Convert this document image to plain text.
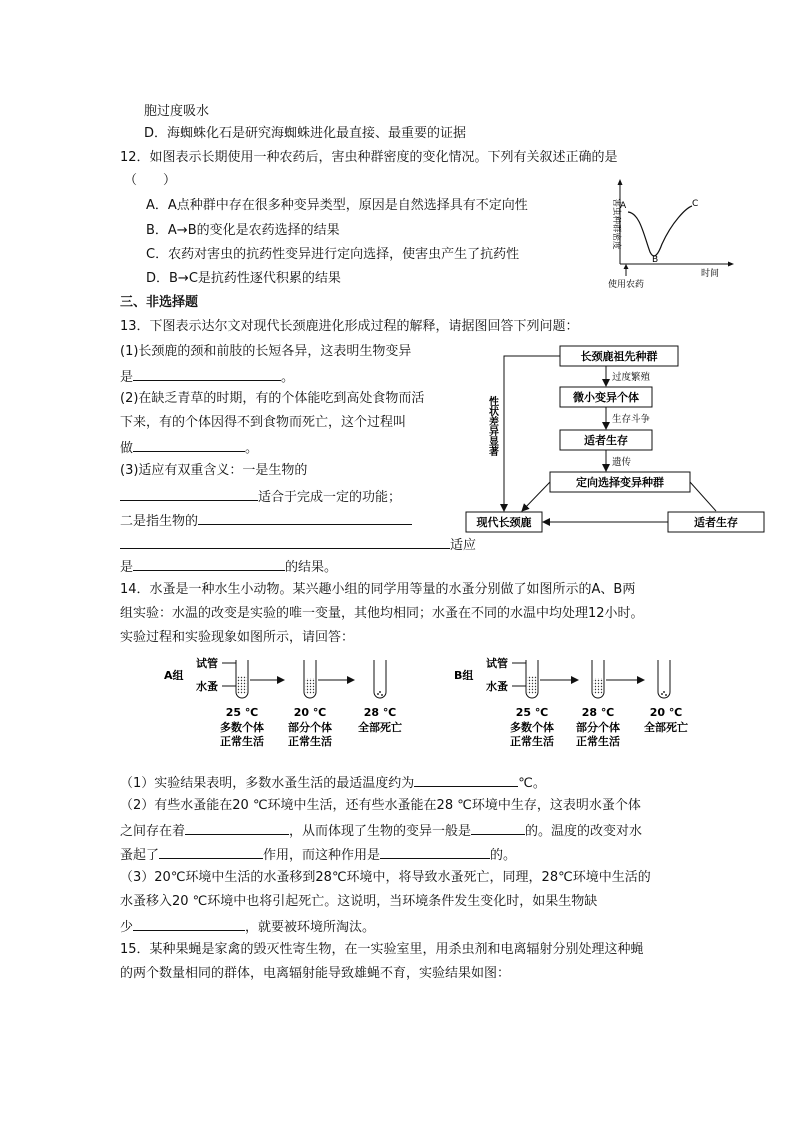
胞过度吸水
D．海蜘蛛化石是研究海蜘蛛进化最直接、最重要的证据
12．如图表示长期使用一种农药后，害虫种群密度的变化情况。下列有关叙述正确的是
（　　）
A．A点种群中存在很多种变异类型，原因是自然选择具有不定向性
B．A→B的变化是农药选择的结果
C．农药对害虫的抗药性变异进行定向选择，使害虫产生了抗药性
D．B→C是抗药性逐代积累的结果
害虫种群密度 A
B
C
时间
使用农药
三、非选择题
13．下图表示达尔文对现代长颈鹿进化形成过程的解释，请据图回答下列问题：
(1)长颈鹿的颈和前肢的长短各异，这表明生物变异
是	。
(2)在缺乏青草的时期，有的个体能吃到高处食物而活
下来，有的个体因得不到食物而死亡，这个过程叫
做	。
(3)适应有双重含义：一是生物的
适合于完成一定的功能；
二是指生物的
适应
是	的结果。
长颈鹿祖先种群
微小变异个体
适者生存
定向选择变异种群
现代长颈鹿	适者生存
过度繁殖
生存斗争
遗传
性状差异显著
14．水蚤是一种水生小动物。某兴趣小组的同学用等量的水蚤分别做了如图所示的A、B两
组实验：水温的改变是实验的唯一变量，其他均相同；水蚤在不同的水温中均处理12小时。
实验过程和实验现象如图所示，请回答：
A组
试管
水蚤
25 ℃
多数个体
正常生活
20 ℃
部分个体
正常生活
28 ℃
全部死亡
B组
试管
水蚤
25 ℃
多数个体
正常生活
28 ℃
部分个体
正常生活
20 ℃
全部死亡
（1）实验结果表明，多数水蚤生活的最适温度约为	℃。
（2）有些水蚤能在20 ℃环境中生活，还有些水蚤能在28 ℃环境中生存，这表明水蚤个体
之间存在着	，从而体现了生物的变异一般是	的。温度的改变对水
蚤起了	作用，而这种作用是	的。
（3）20℃环境中生活的水蚤移到28℃环境中，将导致水蚤死亡，同理，28℃环境中生活的
水蚤移入20 ℃环境中也将引起死亡。这说明，当环境条件发生变化时，如果生物缺
少	，就要被环境所淘汰。
15．某种果蝇是家禽的毁灭性寄生物，在一实验室里，用杀虫剂和电离辐射分别处理这种蝇
的两个数量相同的群体，电离辐射能导致雄蝇不育，实验结果如图：
